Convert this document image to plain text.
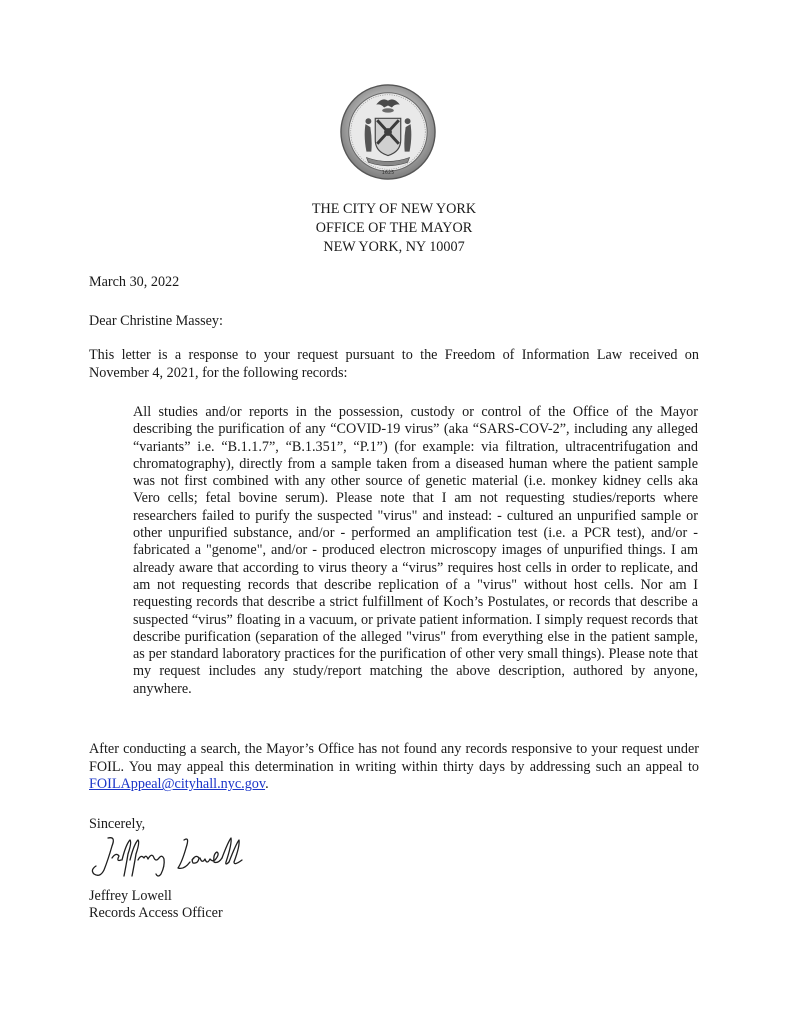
1625
THE CITY OF NEW YORK
OFFICE OF THE MAYOR
NEW YORK, NY 10007

March 30, 2022

Dear Christine Massey:

This letter is a response to your request pursuant to the Freedom of Information Law received on November 4, 2021, for the following records:

All studies and/or reports in the possession, custody or control of the Office of the Mayor describing the purification of any “COVID-19 virus” (aka “SARS-COV-2”, including any alleged “variants” i.e. “B.1.1.7”, “B.1.351”, “P.1”) (for example: via filtration, ultracentrifugation and chromatography), directly from a sample taken from a diseased human where the patient sample was not first combined with any other source of genetic material (i.e. monkey kidney cells aka Vero cells; fetal bovine serum). Please note that I am not requesting studies/reports where researchers failed to purify the suspected "virus" and instead: - cultured an unpurified sample or other unpurified substance, and/or - performed an amplification test (i.e. a PCR test), and/or - fabricated a "genome", and/or - produced electron microscopy images of unpurified things. I am already aware that according to virus theory a “virus” requires host cells in order to replicate, and am not requesting records that describe replication of a "virus" without host cells. Nor am I requesting records that describe a strict fulfillment of Koch’s Postulates, or records that describe a suspected “virus” floating in a vacuum, or private patient information. I simply request records that describe purification (separation of the alleged "virus" from everything else in the patient sample, as per standard laboratory practices for the purification of other very small things). Please note that my request includes any study/report matching the above description, authored by anyone, anywhere.

After conducting a search, the Mayor’s Office has not found any records responsive to your request under FOIL. You may appeal this determination in writing within thirty days by addressing such an appeal to FOILAppeal@cityhall.nyc.gov.

Sincerely,

Jeffrey Lowell

Records Access Officer
